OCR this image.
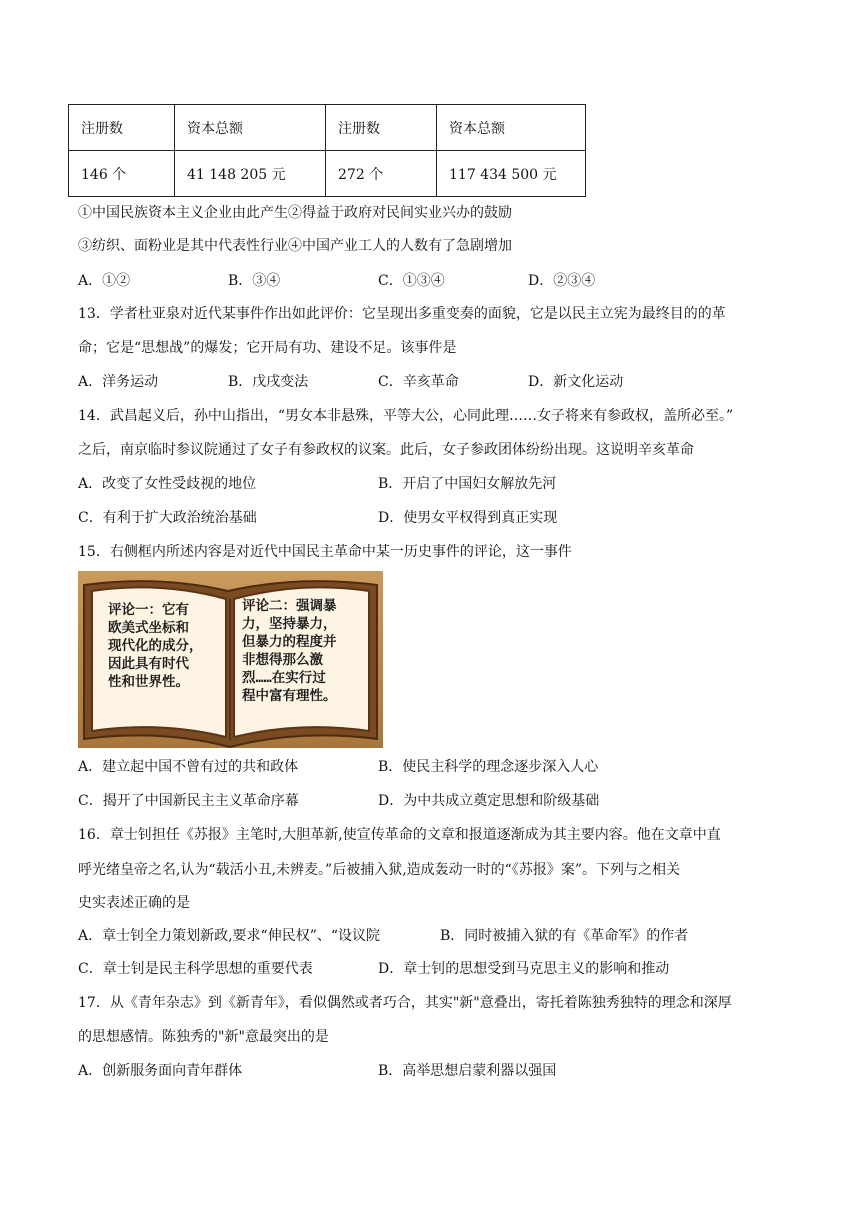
注册数	资本总额	注册数	资本总额
146 个	41 148 205 元	272 个	117 434 500 元
①中国民族资本主义企业由此产生②得益于政府对民间实业兴办的鼓励
③纺织、面粉业是其中代表性行业④中国产业工人的人数有了急剧增加
A．①②	B．③④	C．①③④	D．②③④
13．学者杜亚泉对近代某事件作出如此评价：它呈现出多重变奏的面貌，它是以民主立宪为最终目的的革
命；它是“思想战”的爆发；它开局有功、建设不足。该事件是
A．洋务运动	B．戊戌变法	C．辛亥革命	D．新文化运动
14．武昌起义后，孙中山指出，“男女本非悬殊，平等大公，心同此理……女子将来有参政权，盖所必至。”
之后，南京临时参议院通过了女子有参政权的议案。此后，女子参政团体纷纷出现。这说明辛亥革命
A．改变了女性受歧视的地位	B．开启了中国妇女解放先河
C．有利于扩大政治统治基础	D．使男女平权得到真正实现
15．右侧框内所述内容是对近代中国民主革命中某一历史事件的评论，这一事件
评论一：它有
欧美式坐标和
现代化的成分，
因此具有时代
性和世界性。
评论二：强调暴
力，坚持暴力，
但暴力的程度并
非想得那么激
烈……在实行过
程中富有理性。
A．建立起中国不曾有过的共和政体	B．使民主科学的理念逐步深入人心
C．揭开了中国新民主主义革命序幕	D．为中共成立奠定思想和阶级基础
16．章士钊担任《苏报》主笔时,大胆革新,使宣传革命的文章和报道逐渐成为其主要内容。他在文章中直
呼光绪皇帝之名,认为“载活小丑,未辨麦。”后被捕入狱,造成轰动一时的“《苏报》案”。下列与之相关
史实表述正确的是
A．章士钊全力策划新政,要求“伸民权”、“设议院	B．同时被捕入狱的有《革命军》的作者
C．章士钊是民主科学思想的重要代表	D．章士钊的思想受到马克思主义的影响和推动
17．从《青年杂志》到《新青年》，看似偶然或者巧合，其实"新"意叠出，寄托着陈独秀独特的理念和深厚
的思想感情。陈独秀的"新"意最突出的是
A．创新服务面向青年群体	B．高举思想启蒙利器以强国
